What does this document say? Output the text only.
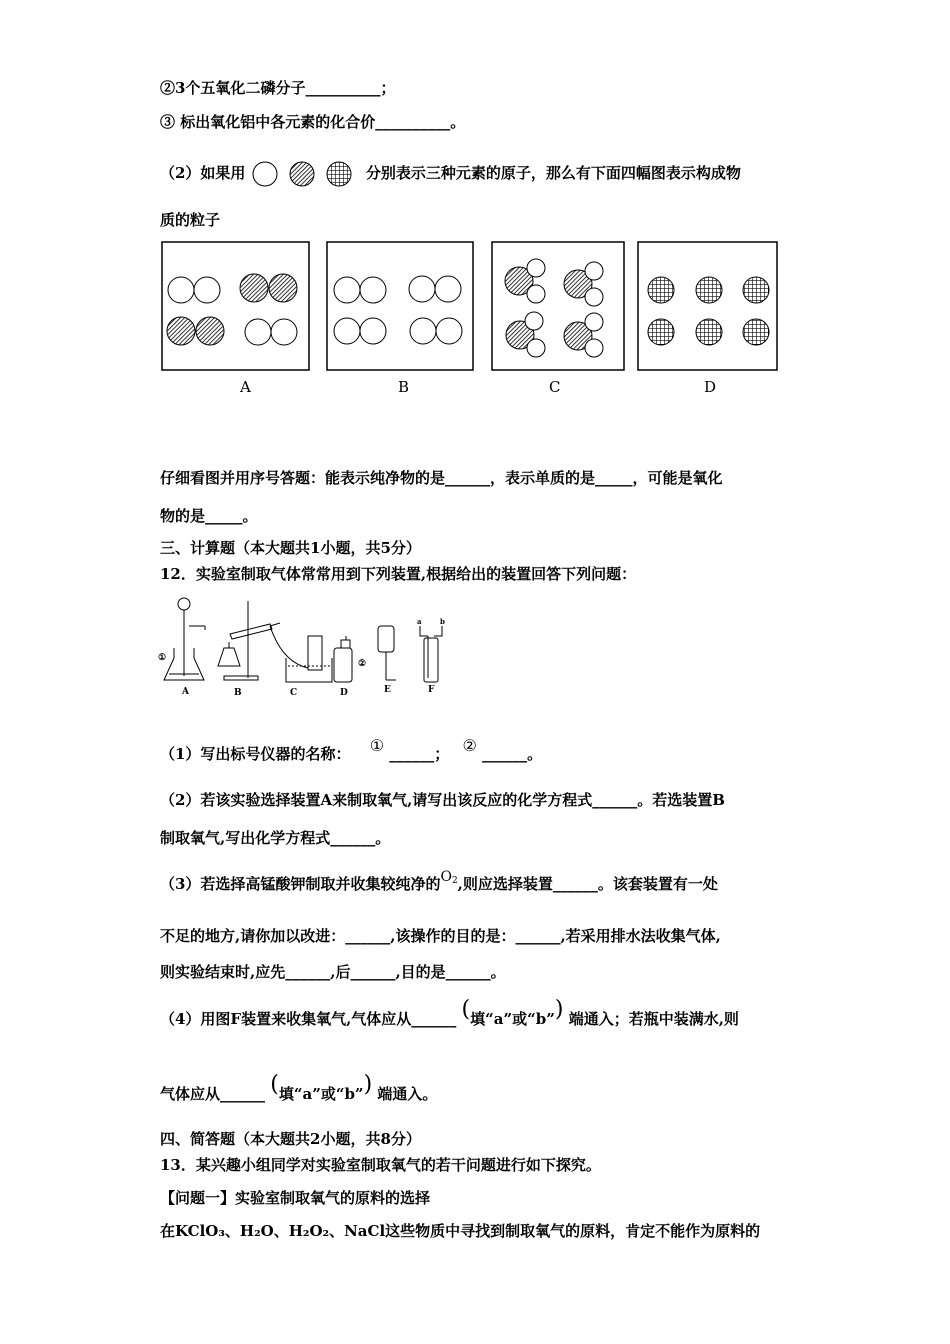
②3个五氧化二磷分子__________；
③ 标出氧化铝中各元素的化合价__________。
（2）如果用	分别表示三种元素的原子，那么有下面四幅图表示构成物
质的粒子
A	B	C	D
仔细看图并用序号答题：能表示纯净物的是______，表示单质的是_____，可能是氧化
物的是_____。
三、计算题（本大题共1小题，共5分）
12．实验室制取气体常常用到下列装置,根据给出的装置回答下列问题：
①
②
a	b
A	B	C	D	E	F
（1）写出标号仪器的名称： ① ______； ② ______。
（2）若该实验选择装置A来制取氧气,请写出该反应的化学方程式______。若选装置B
制取氧气,写出化学方程式______。
（3）若选择高锰酸钾制取并收集较纯净的$O_2$,则应选择装置______。该套装置有一处
不足的地方,请你加以改进：______,该操作的目的是：______,若采用排水法收集气体,
则实验结束时,应先______,后______,目的是______。
（4）用图F装置来收集氧气,气体应从______ (填“a”或“b”) 端通入；若瓶中装满水,则
气体应从______ (填“a”或“b”) 端通入。
四、简答题（本大题共2小题，共8分）
13．某兴趣小组同学对实验室制取氧气的若干问题进行如下探究。
【问题一】实验室制取氧气的原料的选择
在KClO₃、H₂O、H₂O₂、NaCl这些物质中寻找到制取氧气的原料，肯定不能作为原料的
